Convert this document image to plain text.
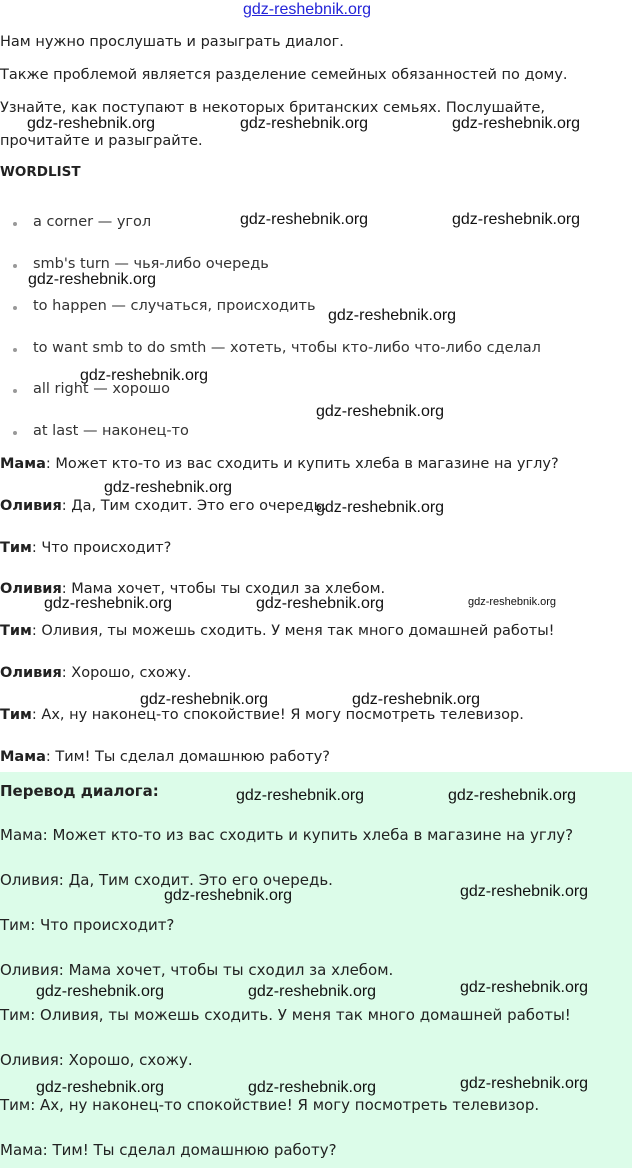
gdz-reshebnik.org
Нам нужно прослушать и разыграть диалог.
Также проблемой является разделение семейных обязанностей по дому.
Узнайте, как поступают в некоторых британских семьях. Послушайте,
прочитайте и разыграйте.
WORDLIST
a corner — угол
smb's turn — чья-либо очередь
to happen — случаться, происходить
to want smb to do smth — хотеть, чтобы кто-либо что-либо сделал
all right — хорошо
at last — наконец-то
Мама: Может кто-то из вас сходить и купить хлеба в магазине на углу?
Оливия: Да, Тим сходит. Это его очередь.
Тим: Что происходит?
Оливия: Мама хочет, чтобы ты сходил за хлебом.
Тим: Оливия, ты можешь сходить. У меня так много домашней работы!
Оливия: Хорошо, схожу.
Тим: Ах, ну наконец-то спокойствие! Я могу посмотреть телевизор.
Мама: Тим! Ты сделал домашнюю работу?
Перевод диалога:
Мама: Может кто-то из вас сходить и купить хлеба в магазине на углу?
Оливия: Да, Тим сходит. Это его очередь.
Тим: Что происходит?
Оливия: Мама хочет, чтобы ты сходил за хлебом.
Тим: Оливия, ты можешь сходить. У меня так много домашней работы!
Оливия: Хорошо, схожу.
Тим: Ах, ну наконец-то спокойствие! Я могу посмотреть телевизор.
Мама: Тим! Ты сделал домашнюю работу?
gdz-reshebnik.org	gdz-reshebnik.org	gdz-reshebnik.org
gdz-reshebnik.org	gdz-reshebnik.org
gdz-reshebnik.org
gdz-reshebnik.org
gdz-reshebnik.org
gdz-reshebnik.org
gdz-reshebnik.org
gdz-reshebnik.org
gdz-reshebnik.org	gdz-reshebnik.org	gdz-reshebnik.org
gdz-reshebnik.org	gdz-reshebnik.org
gdz-reshebnik.org	gdz-reshebnik.org
gdz-reshebnik.org	gdz-reshebnik.org
gdz-reshebnik.org	gdz-reshebnik.org	gdz-reshebnik.org
gdz-reshebnik.org	gdz-reshebnik.org	gdz-reshebnik.org
